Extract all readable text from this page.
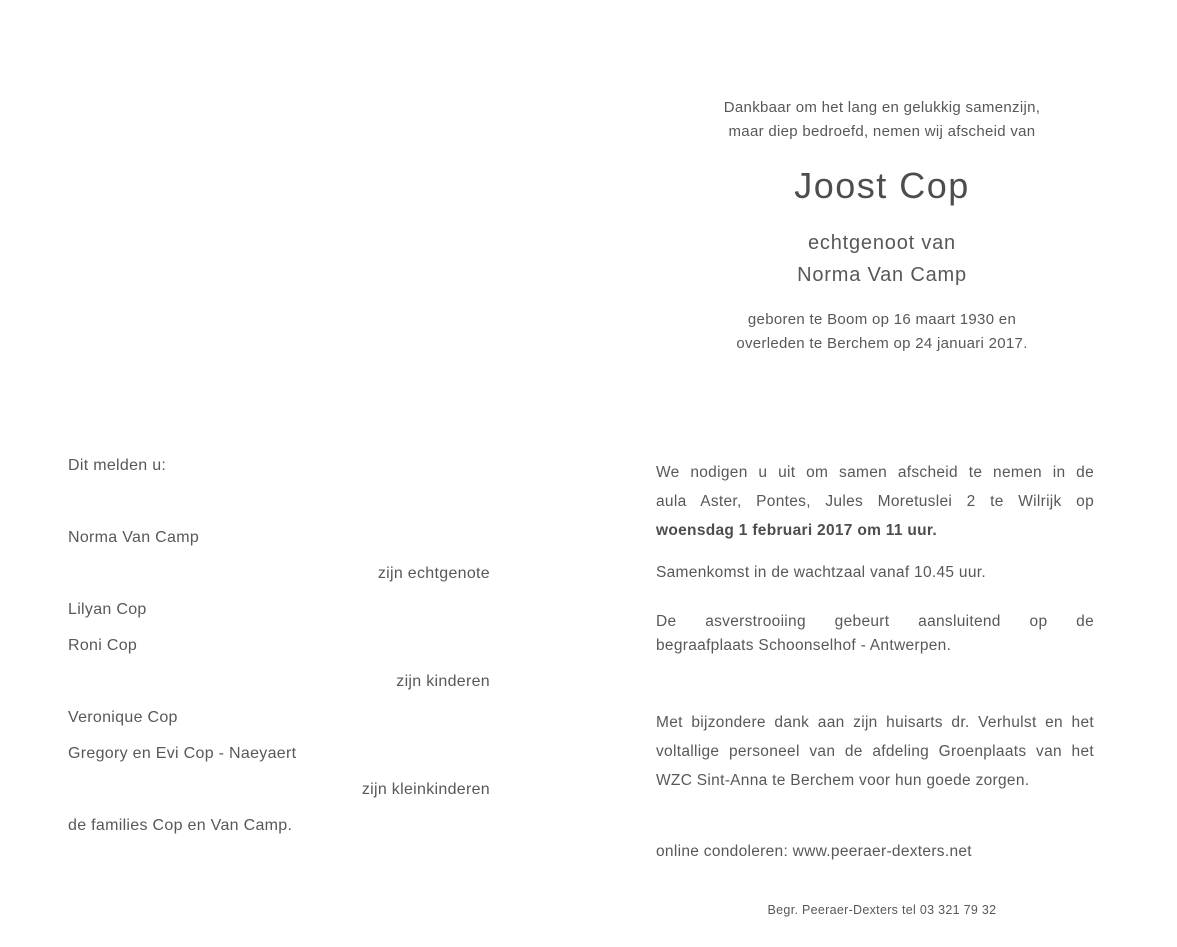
Dankbaar om het lang en gelukkig samenzijn,
maar diep bedroefd, nemen wij afscheid van
Joost Cop
echtgenoot van
Norma Van Camp
geboren te Boom op 16 maart 1930 en
overleden te Berchem op 24 januari 2017.
Dit melden u:
Norma Van Camp
zijn echtgenote
Lilyan Cop
Roni Cop
zijn kinderen
Veronique Cop
Gregory en Evi Cop - Naeyaert
zijn kleinkinderen
de families Cop en Van Camp.
We nodigen u uit om samen afscheid te nemen in de
aula Aster, Pontes, Jules Moretuslei 2 te Wilrijk op
woensdag 1 februari 2017 om 11 uur.
Samenkomst in de wachtzaal vanaf 10.45 uur.
De asverstrooiing gebeurt aansluitend op de
begraafplaats Schoonselhof - Antwerpen.
Met bijzondere dank aan zijn huisarts dr. Verhulst en het
voltallige personeel van de afdeling Groenplaats van het
WZC Sint-Anna te Berchem voor hun goede zorgen.
online condoleren: www.peeraer-dexters.net
Begr. Peeraer-Dexters tel 03 321 79 32
